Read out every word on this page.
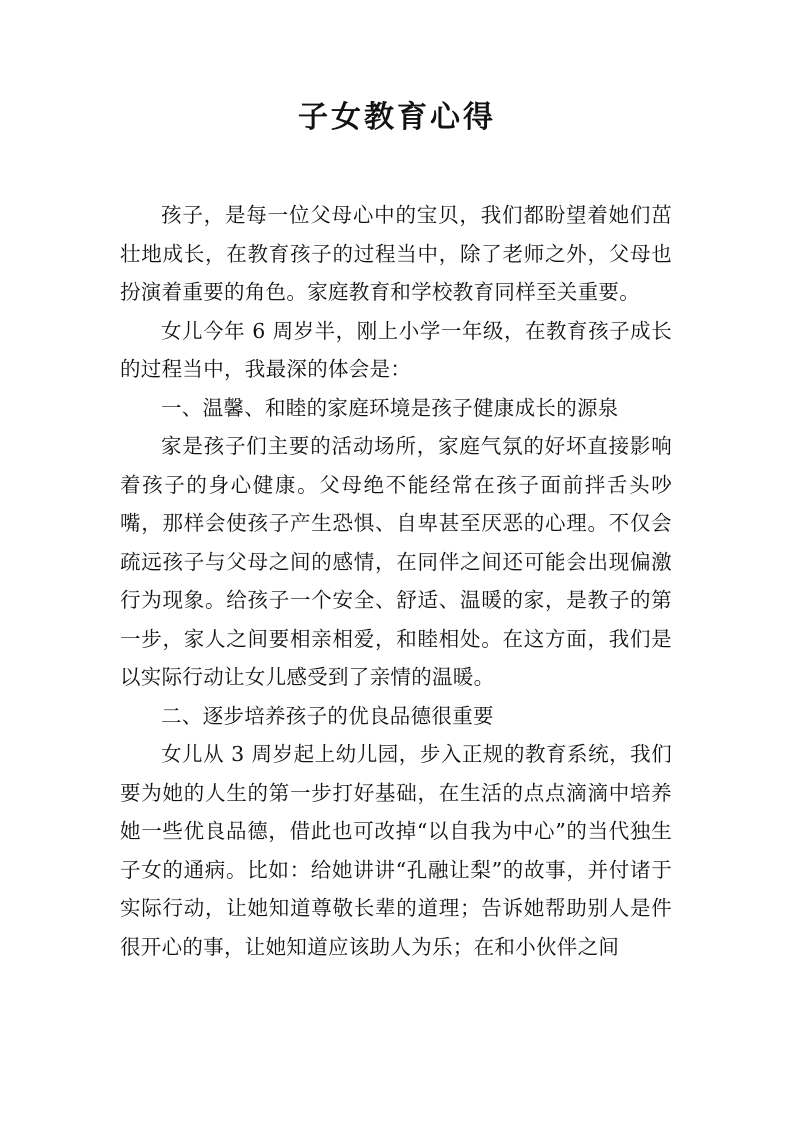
子女教育心得

孩子，是每一位父母心中的宝贝，我们都盼望着她们茁壮地成长，在教育孩子的过程当中，除了老师之外，父母也扮演着重要的角色。家庭教育和学校教育同样至关重要。

女儿今年 6 周岁半，刚上小学一年级，在教育孩子成长的过程当中，我最深的体会是：

一、温馨、和睦的家庭环境是孩子健康成长的源泉

家是孩子们主要的活动场所，家庭气氛的好坏直接影响着孩子的身心健康。父母绝不能经常在孩子面前拌舌头吵嘴，那样会使孩子产生恐惧、自卑甚至厌恶的心理。不仅会疏远孩子与父母之间的感情，在同伴之间还可能会出现偏激行为现象。给孩子一个安全、舒适、温暖的家，是教子的第一步，家人之间要相亲相爱，和睦相处。在这方面，我们是以实际行动让女儿感受到了亲情的温暖。

二、逐步培养孩子的优良品德很重要

女儿从 3 周岁起上幼儿园，步入正规的教育系统，我们要为她的人生的第一步打好基础，在生活的点点滴滴中培养她一些优良品德，借此也可改掉“以自我为中心”的当代独生子女的通病。比如：给她讲讲“孔融让梨”的故事，并付诸于实际行动，让她知道尊敬长辈的道理；告诉她帮助别人是件很开心的事，让她知道应该助人为乐；在和小伙伴之间
